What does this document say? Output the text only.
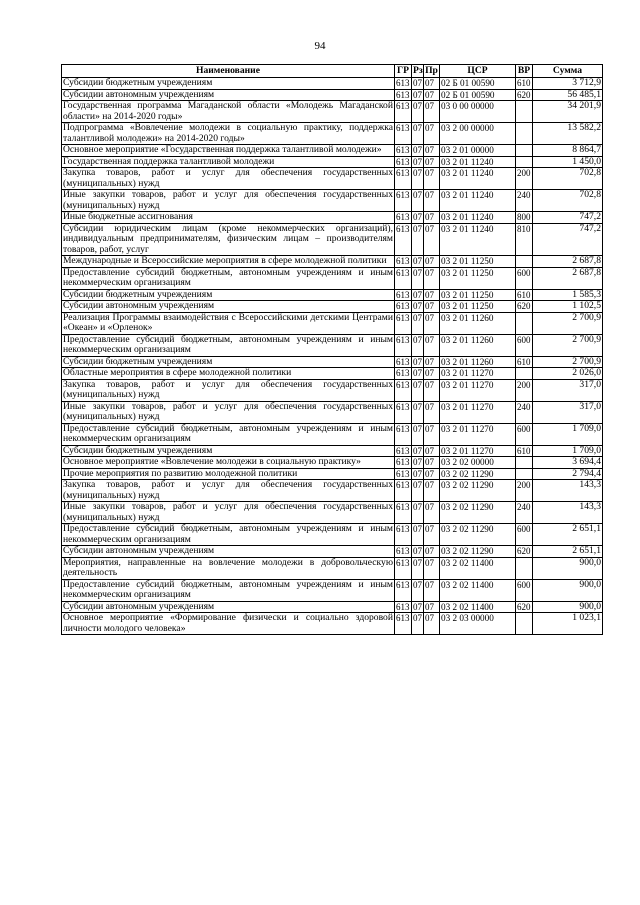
94
Наименование	ГР	Рз	Пр	ЦСР	ВР	Сумма
Субсидии бюджетным учреждениям	613	07	07	02 Б 01 00590	610	3 712,9
Субсидии автономным учреждениям	613	07	07	02 Б 01 00590	620	56 485,1
Государственная программа Магаданской области «Молодежь Магаданской области» на 2014-2020 годы»	613	07	07	03 0 00 00000		34 201,9
Подпрограмма «Вовлечение молодежи в социальную практику, поддержка талантливой молодежи» на 2014-2020 годы»	613	07	07	03 2 00 00000		13 582,2
Основное мероприятие «Государственная поддержка талантливой молодежи»	613	07	07	03 2 01 00000		8 864,7
Государственная поддержка талантливой молодежи	613	07	07	03 2 01 11240		1 450,0
Закупка товаров, работ и услуг для обеспечения государственных (муниципальных) нужд	613	07	07	03 2 01 11240	200	702,8
Иные закупки товаров, работ и услуг для обеспечения государственных (муниципальных) нужд	613	07	07	03 2 01 11240	240	702,8
Иные бюджетные ассигнования	613	07	07	03 2 01 11240	800	747,2
Субсидии юридическим лицам (кроме некоммерческих организаций), индивидуальным предпринимателям, физическим лицам – производителям товаров, работ, услуг	613	07	07	03 2 01 11240	810	747,2
Международные и Всероссийские мероприятия в сфере молодежной политики	613	07	07	03 2 01 11250		2 687,8
Предоставление субсидий бюджетным, автономным учреждениям и иным некоммерческим организациям	613	07	07	03 2 01 11250	600	2 687,8
Субсидии бюджетным учреждениям	613	07	07	03 2 01 11250	610	1 585,3
Субсидии автономным учреждениям	613	07	07	03 2 01 11250	620	1 102,5
Реализация Программы взаимодействия с Всероссийскими детскими Центрами «Океан» и «Орленок»	613	07	07	03 2 01 11260		2 700,9
Предоставление субсидий бюджетным, автономным учреждениям и иным некоммерческим организациям	613	07	07	03 2 01 11260	600	2 700,9
Субсидии бюджетным учреждениям	613	07	07	03 2 01 11260	610	2 700,9
Областные мероприятия в сфере молодежной политики	613	07	07	03 2 01 11270		2 026,0
Закупка товаров, работ и услуг для обеспечения государственных (муниципальных) нужд	613	07	07	03 2 01 11270	200	317,0
Иные закупки товаров, работ и услуг для обеспечения государственных (муниципальных) нужд	613	07	07	03 2 01 11270	240	317,0
Предоставление субсидий бюджетным, автономным учреждениям и иным некоммерческим организациям	613	07	07	03 2 01 11270	600	1 709,0
Субсидии бюджетным учреждениям	613	07	07	03 2 01 11270	610	1 709,0
Основное мероприятие «Вовлечение молодежи в социальную практику»	613	07	07	03 2 02 00000		3 694,4
Прочие мероприятия по развитию молодежной политики	613	07	07	03 2 02 11290		2 794,4
Закупка товаров, работ и услуг для обеспечения государственных (муниципальных) нужд	613	07	07	03 2 02 11290	200	143,3
Иные закупки товаров, работ и услуг для обеспечения государственных (муниципальных) нужд	613	07	07	03 2 02 11290	240	143,3
Предоставление субсидий бюджетным, автономным учреждениям и иным некоммерческим организациям	613	07	07	03 2 02 11290	600	2 651,1
Субсидии автономным учреждениям	613	07	07	03 2 02 11290	620	2 651,1
Мероприятия, направленные на вовлечение молодежи в добровольческую деятельность	613	07	07	03 2 02 11400		900,0
Предоставление субсидий бюджетным, автономным учреждениям и иным некоммерческим организациям	613	07	07	03 2 02 11400	600	900,0
Субсидии автономным учреждениям	613	07	07	03 2 02 11400	620	900,0
Основное мероприятие «Формирование физически и социально здоровой личности молодого человека»	613	07	07	03 2 03 00000		1 023,1
